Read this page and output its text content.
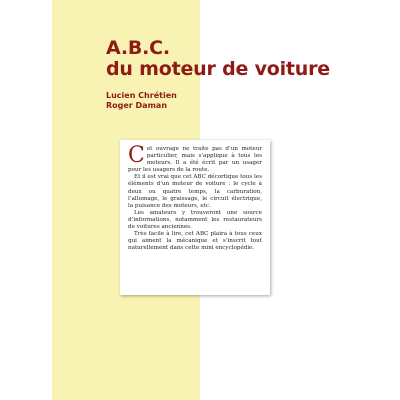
A.B.C.
du moteur de voiture
Lucien Chrétien
Roger Daman

Cet ouvrage ne traite pas d’un moteur particulier, mais s’applique à tous les moteurs. Il a été écrit par un usager pour les usagers de la route.

Et il est vrai que cet ABC décortique tous les éléments d’un moteur de voiture : le cycle à deux ou quatre temps, la carburation, l’allumage, le graissage, le circuit électrique, la puisance des moteurs, etc.

Les amateurs y trouveront une source d’informations, notamment les restaurateurs de voitures anciennes.

Très facile à lire, cet ABC plaira à tous ceux qui aiment la mécanique et s’inscrit tout naturellement dans cette mini encyclopédie.
